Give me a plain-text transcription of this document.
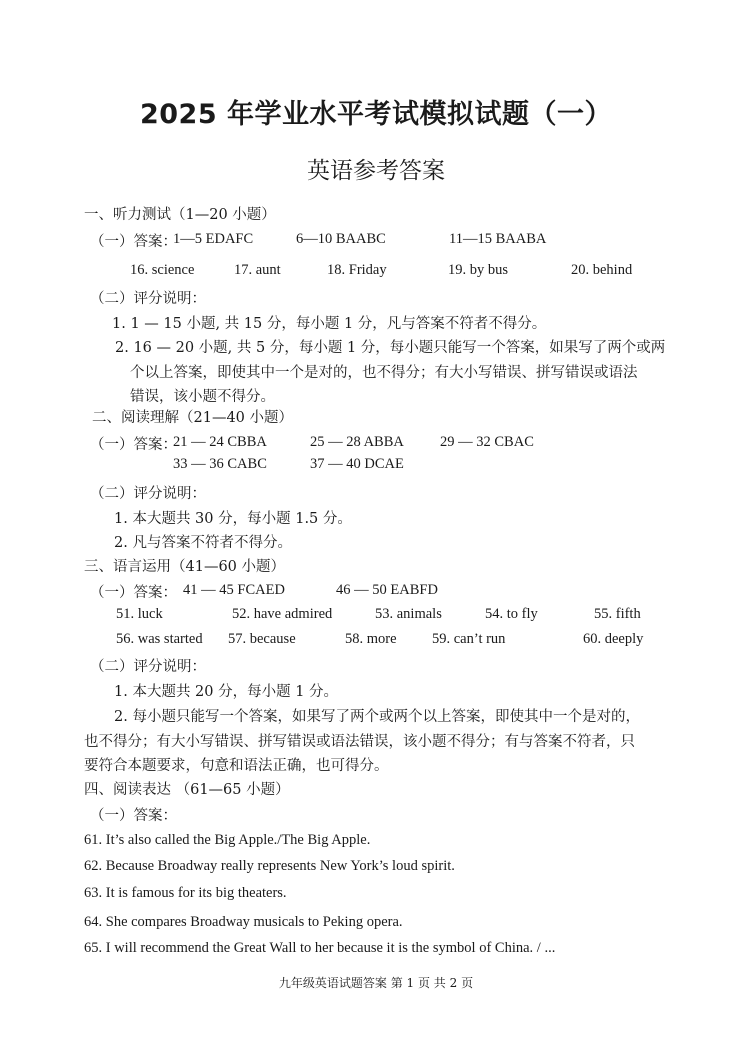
2025 年学业水平考试模拟试题（一）
英语参考答案
一、听力测试（1—20 小题）
（一）答案：
1—5 EDAFC	6—10 BAABC	11—15 BAABA
16. science	17. aunt	18. Friday	19. by bus	20. behind
（二）评分说明：
1. 1 — 15 小题, 共 15 分，每小题 1 分，凡与答案不符者不得分。
2. 16 — 20 小题, 共 5 分，每小题 1 分，每小题只能写一个答案，如果写了两个或两
个以上答案，即使其中一个是对的，也不得分；有大小写错误、拼写错误或语法
错误，该小题不得分。
二、阅读理解（21—40 小题）
（一）答案：
21 — 24 CBBA	25 — 28 ABBA 29 — 32 CBAC
33 — 36 CABC	37 — 40 DCAE
（二）评分说明：
1. 本大题共 30 分，每小题 1.5 分。
2. 凡与答案不符者不得分。
三、语言运用（41—60 小题）
（一）答案： 41 — 45 FCAED	46 — 50 EABFD
51. luck	52. have admired	53. animals	54. to fly	55. fifth
56. was started 57. because	58. more 59. can’t run	60. deeply
（二）评分说明：
1. 本大题共 20 分，每小题 1 分。
2. 每小题只能写一个答案，如果写了两个或两个以上答案，即使其中一个是对的，
也不得分；有大小写错误、拼写错误或语法错误，该小题不得分；有与答案不符者，只
要符合本题要求，句意和语法正确，也可得分。
四、阅读表达 （61—65 小题）
（一）答案：
61. It’s also called the Big Apple./The Big Apple.
62. Because Broadway really represents New York’s loud spirit.
63. It is famous for its big theaters.
64. She compares Broadway musicals to Peking opera.
65. I will recommend the Great Wall to her because it is the symbol of China. / ...
九年级英语试题答案 第 1 页 共 2 页
